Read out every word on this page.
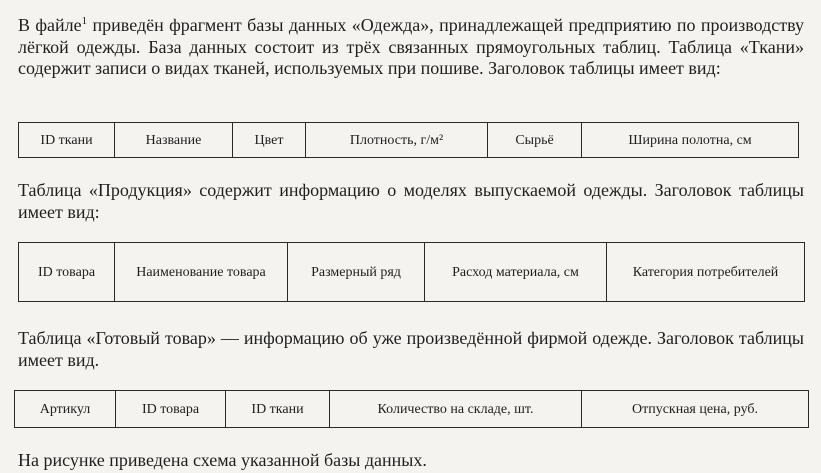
В файле$^1$ приведён фрагмент базы данных «Одежда», принадлежащей предприятию по производству лёгкой одежды. База данных состоит из трёх связанных прямоугольных таблиц. Таблица «Ткани» содержит записи о видах тканей, используемых при пошиве. Заголовок таблицы имеет вид:

ID ткани	Название	Цвет	Плотность, г/м²	Сырьё	Ширина полотна, см

Таблица «Продукция» содержит информацию о моделях выпускаемой одежды. Заголовок таблицы имеет вид:

ID товара	Наименование товара	Размерный ряд	Расход материала, см	Категория потребителей

Таблица «Готовый товар» — информацию об уже произведённой фирмой одежде. Заголовок таблицы имеет вид.

Артикул	ID товара	ID ткани	Количество на складе, шт.	Отпускная цена, руб.

На рисунке приведена схема указанной базы данных.
